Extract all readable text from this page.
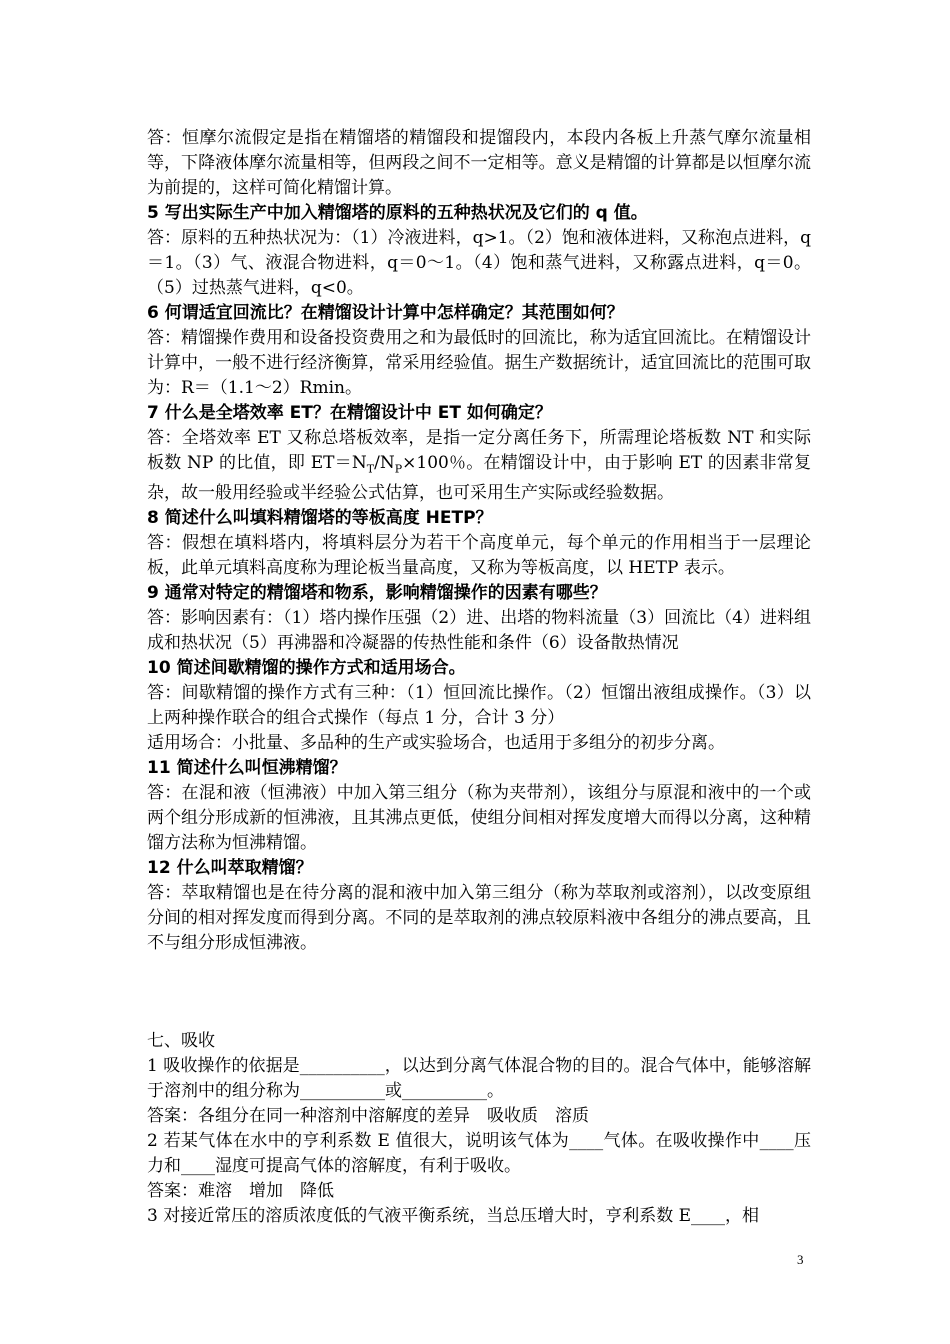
答：恒摩尔流假定是指在精馏塔的精馏段和提馏段内，本段内各板上升蒸气摩尔流量相等，下降液体摩尔流量相等，但两段之间不一定相等。意义是精馏的计算都是以恒摩尔流为前提的，这样可简化精馏计算。

5 写出实际生产中加入精馏塔的原料的五种热状况及它们的 q 值。

答：原料的五种热状况为：（1）冷液进料，q>1。（2）饱和液体进料，又称泡点进料，q＝1。（3）气、液混合物进料，q＝0～1。（4）饱和蒸气进料，又称露点进料，q＝0。（5）过热蒸气进料，q<0。

6 何谓适宜回流比？在精馏设计计算中怎样确定？其范围如何？

答：精馏操作费用和设备投资费用之和为最低时的回流比，称为适宜回流比。在精馏设计计算中，一般不进行经济衡算，常采用经验值。据生产数据统计，适宜回流比的范围可取为：R＝（1.1～2）Rmin。

7 什么是全塔效率 ET？在精馏设计中 ET 如何确定？

答：全塔效率 ET 又称总塔板效率，是指一定分离任务下，所需理论塔板数 NT 和实际板数 NP 的比值，即 $ET=N_T/N_P\times 100$％。在精馏设计中，由于影响 ET 的因素非常复杂，故一般用经验或半经验公式估算，也可采用生产实际或经验数据。

8 简述什么叫填料精馏塔的等板高度 HETP？

答：假想在填料塔内，将填料层分为若干个高度单元，每个单元的作用相当于一层理论板，此单元填料高度称为理论板当量高度，又称为等板高度，以 HETP 表示。

9 通常对特定的精馏塔和物系，影响精馏操作的因素有哪些？

答：影响因素有：（1）塔内操作压强（2）进、出塔的物料流量（3）回流比（4）进料组成和热状况（5）再沸器和冷凝器的传热性能和条件（6）设备散热情况

10 简述间歇精馏的操作方式和适用场合。

答：间歇精馏的操作方式有三种：（1）恒回流比操作。（2）恒馏出液组成操作。（3）以上两种操作联合的组合式操作（每点 1 分，合计 3 分）

适用场合：小批量、多品种的生产或实验场合，也适用于多组分的初步分离。

11 简述什么叫恒沸精馏？

答：在混和液（恒沸液）中加入第三组分（称为夹带剂），该组分与原混和液中的一个或两个组分形成新的恒沸液，且其沸点更低，使组分间相对挥发度增大而得以分离，这种精馏方法称为恒沸精馏。

12 什么叫萃取精馏？

答：萃取精馏也是在待分离的混和液中加入第三组分（称为萃取剂或溶剂），以改变原组分间的相对挥发度而得到分离。不同的是萃取剂的沸点较原料液中各组分的沸点要高，且不与组分形成恒沸液。

七、吸收

1 吸收操作的依据是__________，以达到分离气体混合物的目的。混合气体中，能够溶解于溶剂中的组分称为__________或__________。

答案：各组分在同一种溶剂中溶解度的差异　吸收质　溶质

2 若某气体在水中的亨利系数 E 值很大，说明该气体为____气体。在吸收操作中____压力和____湿度可提高气体的溶解度，有利于吸收。

答案：难溶　增加　降低

3 对接近常压的溶质浓度低的气液平衡系统，当总压增大时，亨利系数 E____，相

3
